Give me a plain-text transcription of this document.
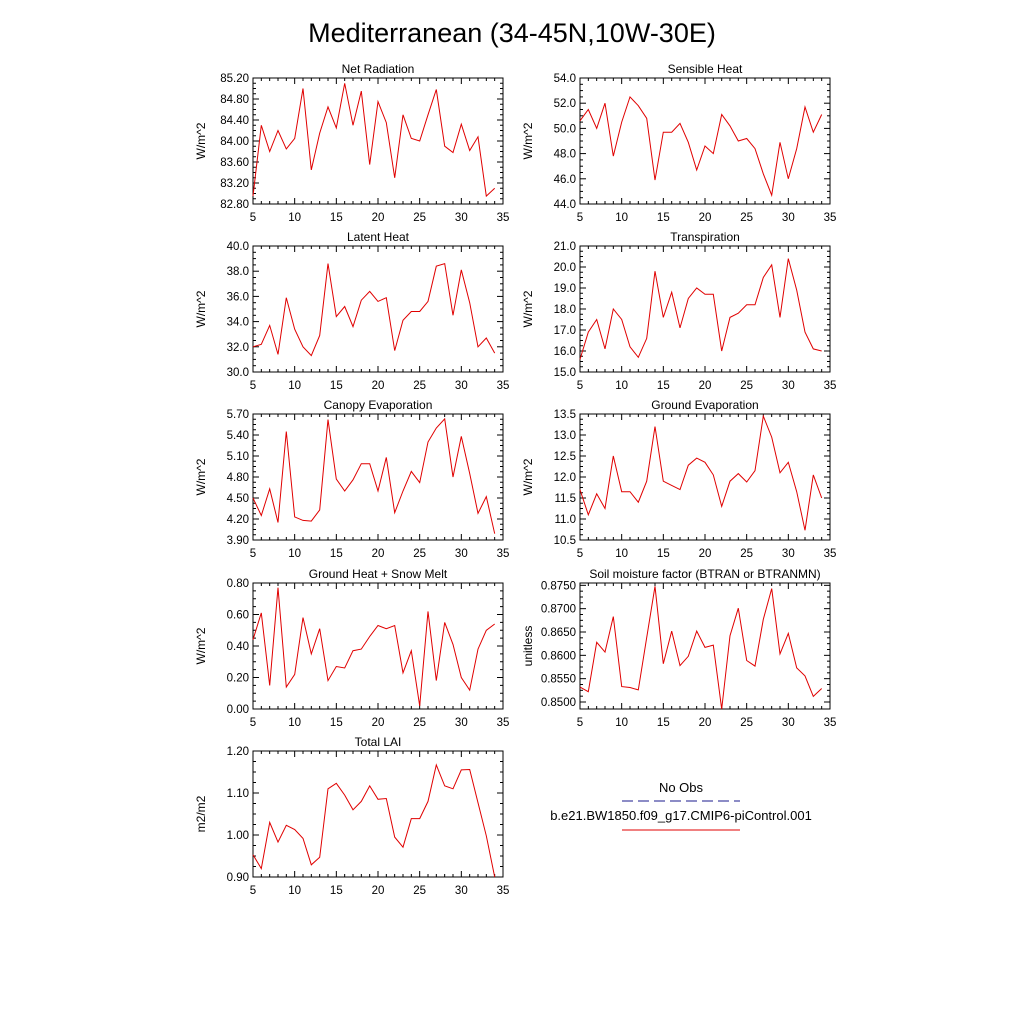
Mediterranean (34-45N,10W-30E)
Net Radiation
5	10	15	20	25	30	35
82.80
83.20
83.60
84.00
84.40
84.80
85.20
W/m^2
Sensible Heat
5	10	15	20	25	30	35
44.0
46.0
48.0
50.0
52.0
54.0
W/m^2
Latent Heat
5	10	15	20	25	30	35
30.0
32.0
34.0
36.0
38.0
40.0
W/m^2
Transpiration
5	10	15	20	25	30	35
15.0
16.0
17.0
18.0
19.0
20.0
21.0
W/m^2
Canopy Evaporation
5	10	15	20	25	30	35
3.90
4.20
4.50
4.80
5.10
5.40
5.70
W/m^2
Ground Evaporation
5	10	15	20	25	30	35
10.5
11.0
11.5
12.0
12.5
13.0
13.5
W/m^2
Ground Heat + Snow Melt
5	10	15	20	25	30	35
0.00
0.20
0.40
0.60
0.80
W/m^2
Soil moisture factor (BTRAN or BTRANMN)
5	10	15	20	25	30	35
0.8500
0.8550
0.8600
0.8650
0.8700
0.8750
unitless
Total LAI
5	10	15	20	25	30	35
0.90
1.00
1.10
1.20
m2/m2
No Obs
b.e21.BW1850.f09_g17.CMIP6-piControl.001
